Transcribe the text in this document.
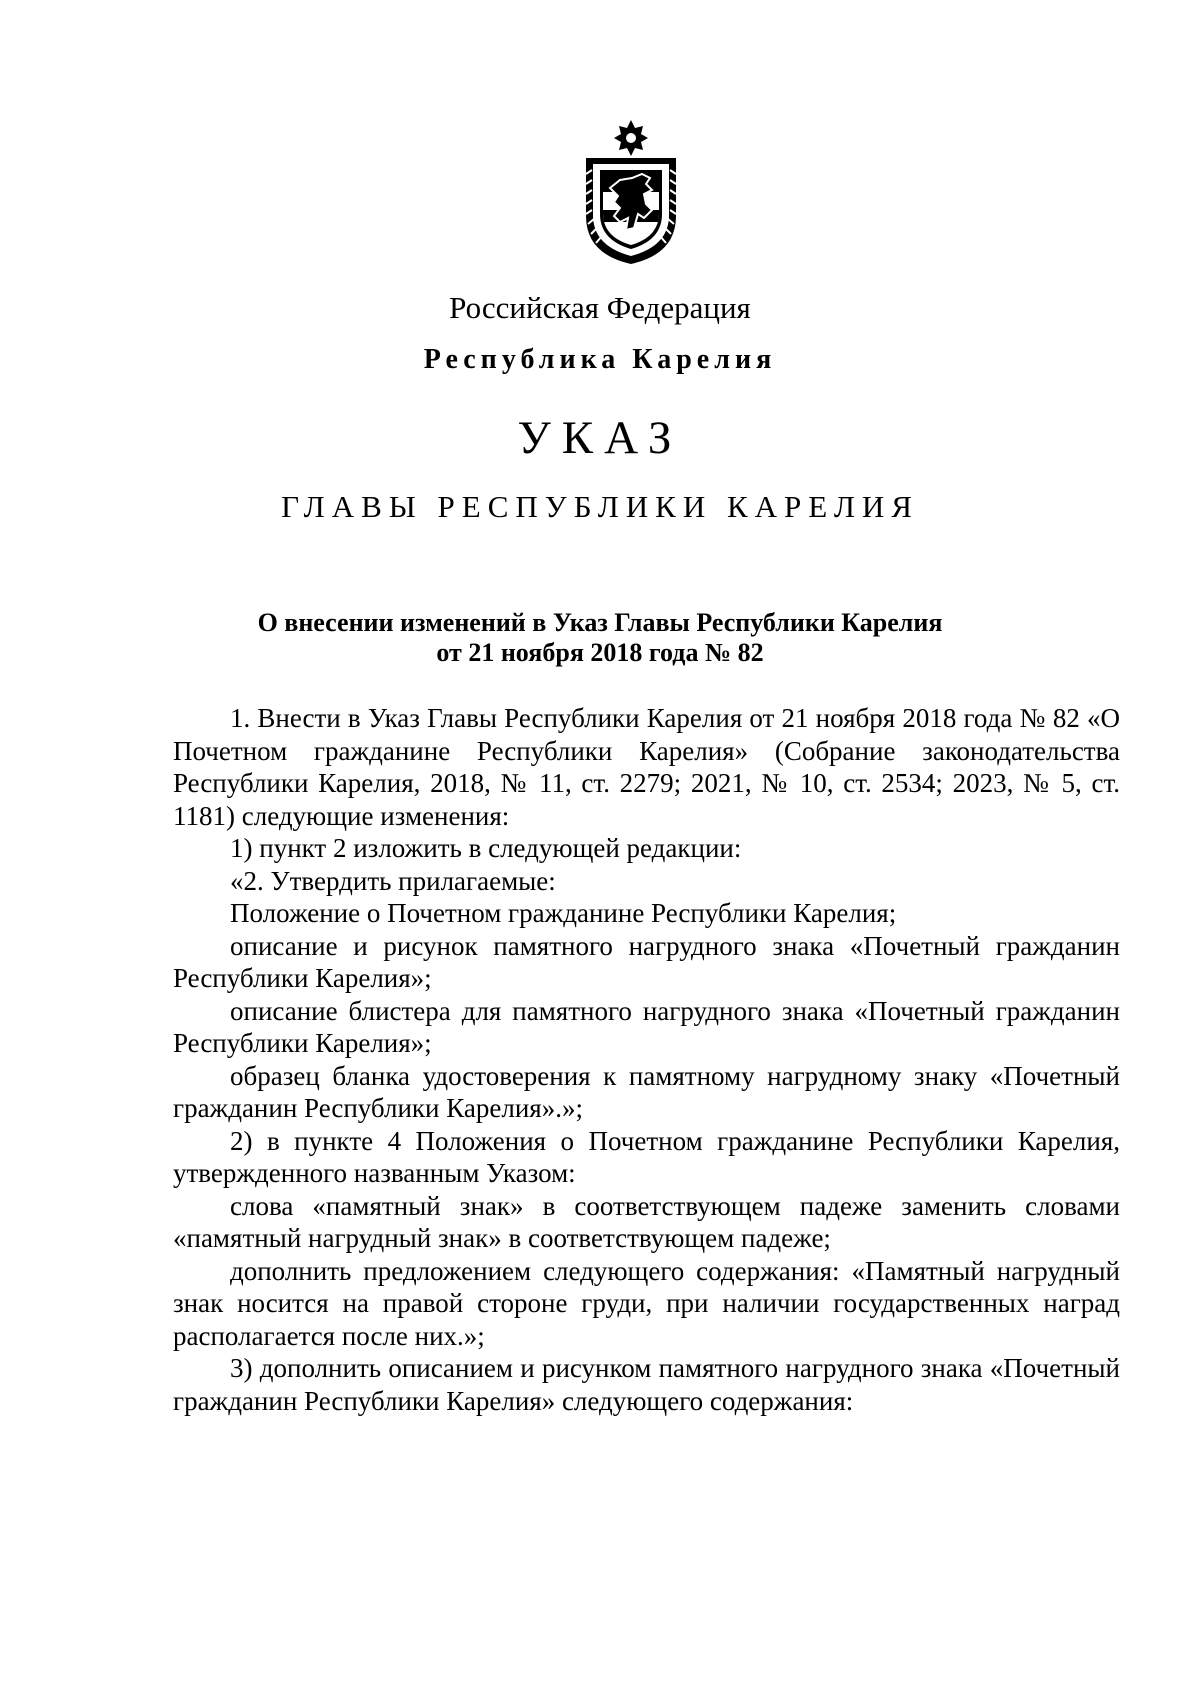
Российская Федерация
Республика Карелия
УКАЗ
ГЛАВЫ РЕСПУБЛИКИ КАРЕЛИЯ
О внесении изменений в Указ Главы Республики Карелия
от 21 ноября 2018 года № 82

1. Внести в Указ Главы Республики Карелия от 21 ноября 2018 года № 82 «О Почетном гражданине Республики Карелия» (Собрание законодательства Республики Карелия, 2018, № 11, ст. 2279; 2021, № 10, ст. 2534; 2023, № 5, ст. 1181) следующие изменения:

1) пункт 2 изложить в следующей редакции:

«2. Утвердить прилагаемые:

Положение о Почетном гражданине Республики Карелия;

описание и рисунок памятного нагрудного знака «Почетный гражданин Республики Карелия»;

описание блистера для памятного нагрудного знака «Почетный гражданин Республики Карелия»;

образец бланка удостоверения к памятному нагрудному знаку «Почетный гражданин Республики Карелия».»;

2) в пункте 4 Положения о Почетном гражданине Республики Карелия, утвержденного названным Указом:

слова «памятный знак» в соответствующем падеже заменить словами «памятный нагрудный знак» в соответствующем падеже;

дополнить предложением следующего содержания: «Памятный нагрудный знак носится на правой стороне груди, при наличии государственных наград располагается после них.»;

3) дополнить описанием и рисунком памятного нагрудного знака «Почетный гражданин Республики Карелия» следующего содержания:
